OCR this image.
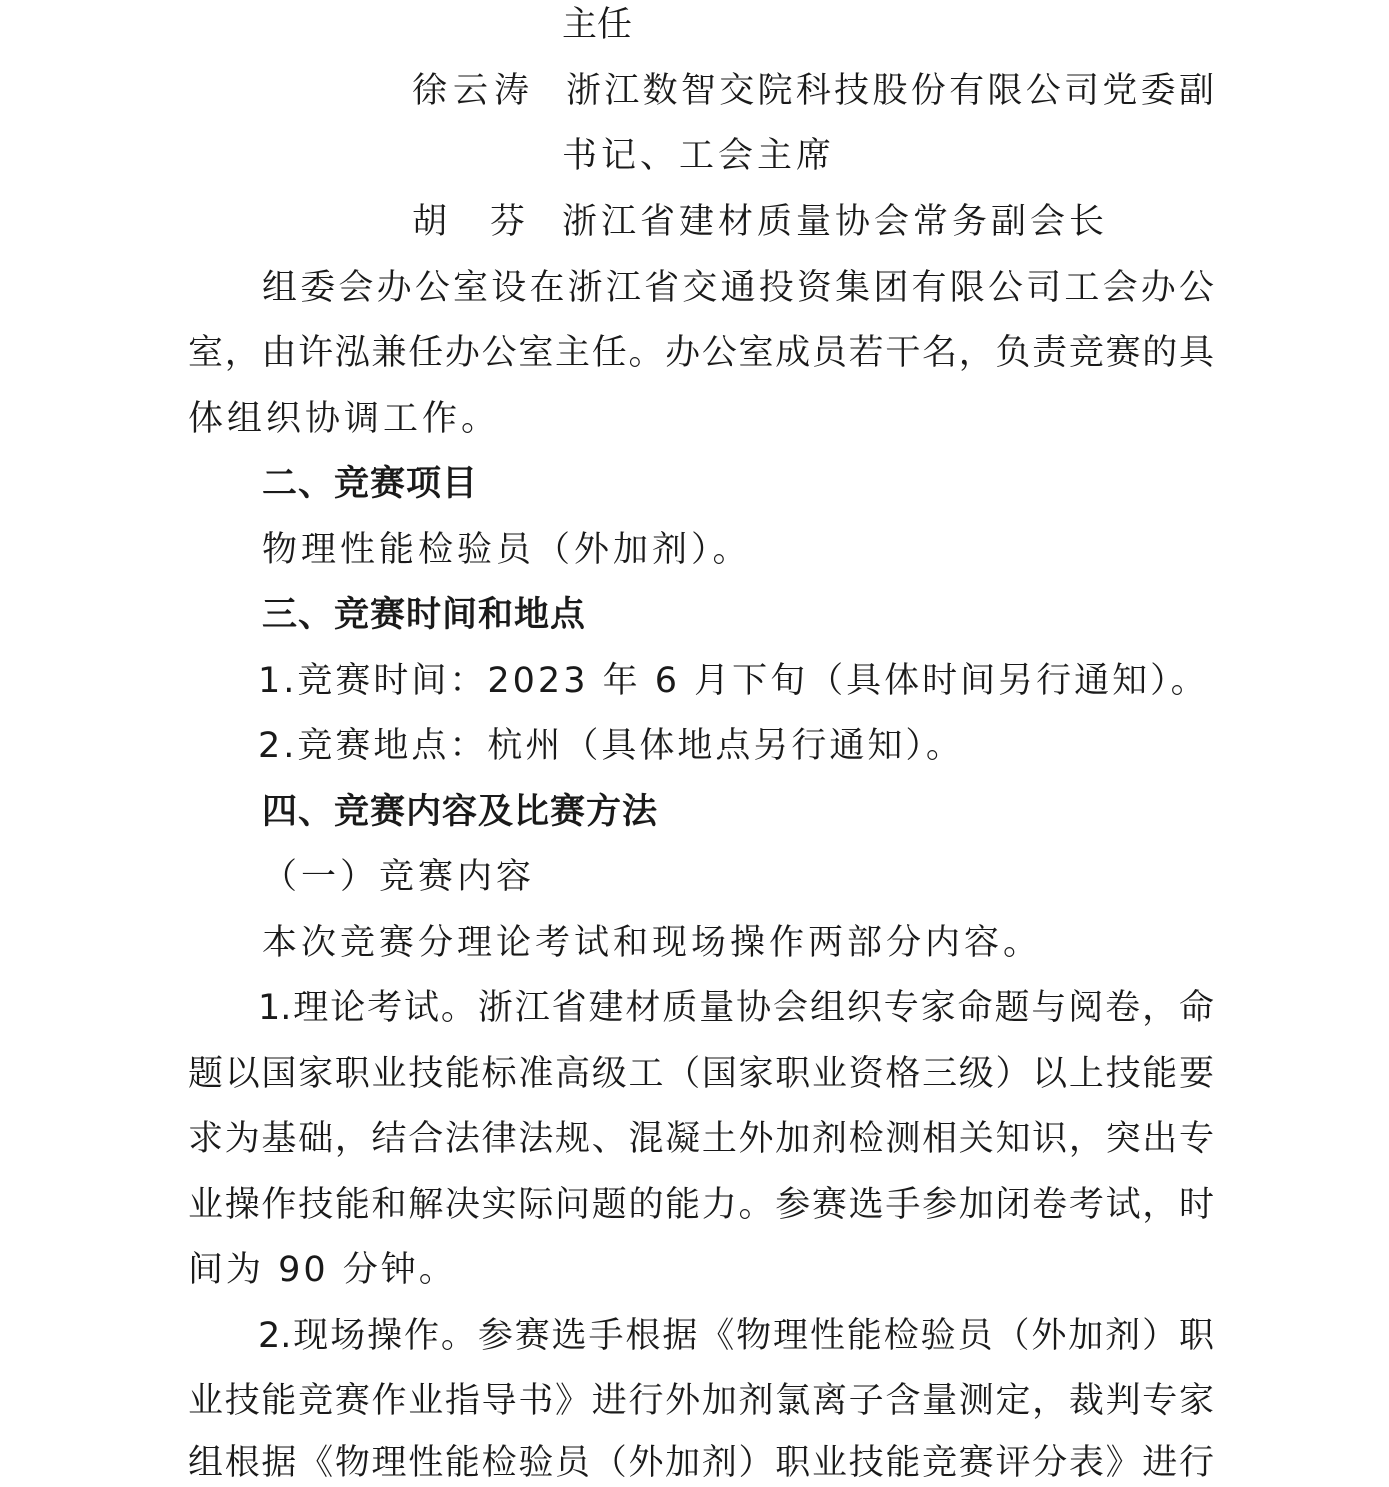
主任
徐云涛 浙江数智交院科技股份有限公司党委副
书记、工会主席
胡　芬 浙江省建材质量协会常务副会长
组委会办公室设在浙江省交通投资集团有限公司工会办公
室，由许泓兼任办公室主任。办公室成员若干名，负责竞赛的具
体组织协调工作。
二、竞赛项目
物理性能检验员（外加剂）。
三、竞赛时间和地点
1.竞赛时间：2023 年 6 月下旬（具体时间另行通知）。
2.竞赛地点：杭州（具体地点另行通知）。
四、竞赛内容及比赛方法
（一）竞赛内容
本次竞赛分理论考试和现场操作两部分内容。
1.理论考试。浙江省建材质量协会组织专家命题与阅卷，命
题以国家职业技能标准高级工（国家职业资格三级）以上技能要
求为基础，结合法律法规、混凝土外加剂检测相关知识，突出专
业操作技能和解决实际问题的能力。参赛选手参加闭卷考试，时
间为 90 分钟。
2.现场操作。参赛选手根据《物理性能检验员（外加剂）职
业技能竞赛作业指导书》进行外加剂氯离子含量测定，裁判专家
组根据《物理性能检验员（外加剂）职业技能竞赛评分表》进行
